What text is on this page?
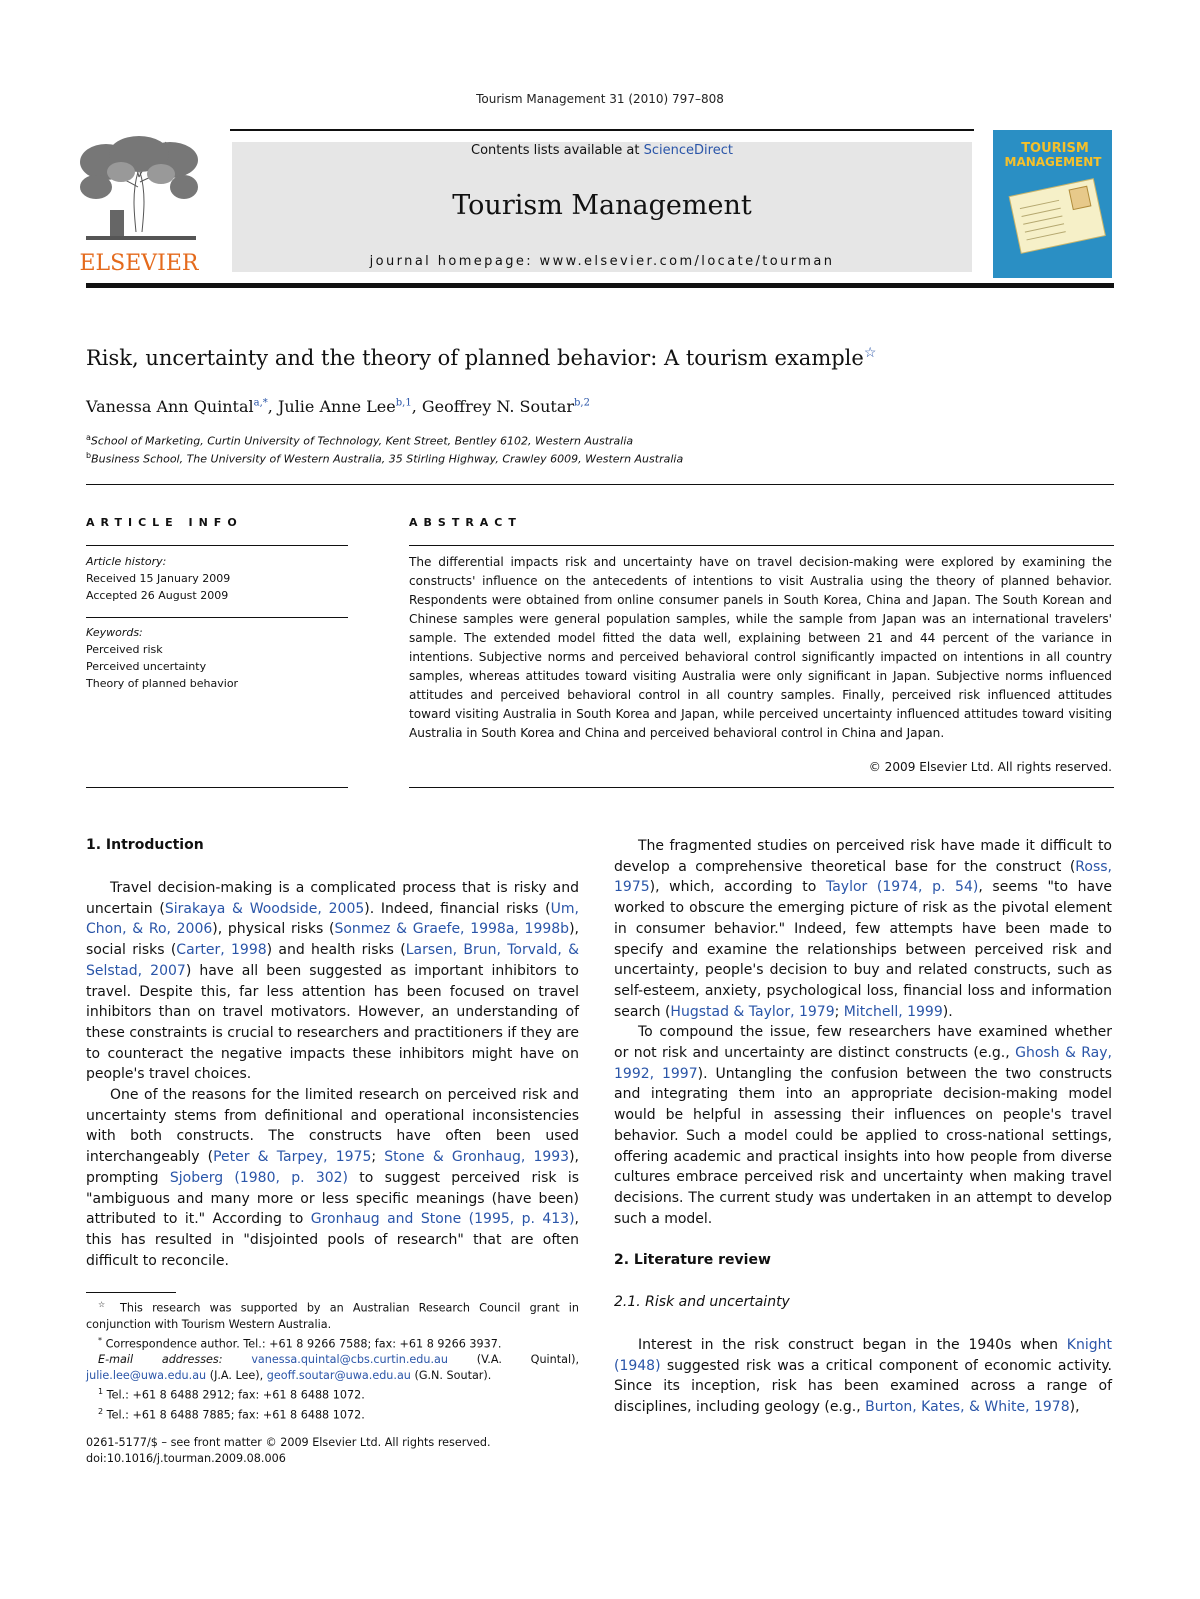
Tourism Management 31 (2010) 797–808
ELSEVIER
Contents lists available at ScienceDirect
Tourism Management
journal homepage: www.elsevier.com/locate/tourman
TOURISM
MANAGEMENT
Risk, uncertainty and the theory of planned behavior: A tourism example☆
Vanessa Ann Quintal$^{a,*}$, Julie Anne Lee$^{b,1}$, Geoffrey N. Soutar$^{b,2}$
$^a$School of Marketing, Curtin University of Technology, Kent Street, Bentley 6102, Western Australia
$^b$Business School, The University of Western Australia, 35 Stirling Highway, Crawley 6009, Western Australia
ARTICLE INFO	ABSTRACT
Article history:
Received 15 January 2009
Accepted 26 August 2009
Keywords:
Perceived risk
Perceived uncertainty
Theory of planned behavior
The differential impacts risk and uncertainty have on travel decision-making were explored by examining the constructs' influence on the antecedents of intentions to visit Australia using the theory of planned behavior. Respondents were obtained from online consumer panels in South Korea, China and Japan. The South Korean and Chinese samples were general population samples, while the sample from Japan was an international travelers' sample. The extended model fitted the data well, explaining between 21 and 44 percent of the variance in intentions. Subjective norms and perceived behavioral control significantly impacted on intentions in all country samples, whereas attitudes toward visiting Australia were only significant in Japan. Subjective norms influenced attitudes and perceived behavioral control in all country samples. Finally, perceived risk influenced attitudes toward visiting Australia in South Korea and Japan, while perceived uncertainty influenced attitudes toward visiting Australia in South Korea and China and perceived behavioral control in China and Japan.
© 2009 Elsevier Ltd. All rights reserved.
1. Introduction

Travel decision-making is a complicated process that is risky and uncertain (Sirakaya & Woodside, 2005). Indeed, financial risks (Um, Chon, & Ro, 2006), physical risks (Sonmez & Graefe, 1998a, 1998b), social risks (Carter, 1998) and health risks (Larsen, Brun, Torvald, & Selstad, 2007) have all been suggested as important inhibitors to travel. Despite this, far less attention has been focused on travel inhibitors than on travel motivators. However, an understanding of these constraints is crucial to researchers and practitioners if they are to counteract the negative impacts these inhibitors might have on people's travel choices.

One of the reasons for the limited research on perceived risk and uncertainty stems from definitional and operational inconsistencies with both constructs. The constructs have often been used interchangeably (Peter & Tarpey, 1975; Stone & Gronhaug, 1993), prompting Sjoberg (1980, p. 302) to suggest perceived risk is "ambiguous and many more or less specific meanings (have been) attributed to it." According to Gronhaug and Stone (1995, p. 413), this has resulted in "disjointed pools of research" that are often difficult to reconcile.

The fragmented studies on perceived risk have made it difficult to develop a comprehensive theoretical base for the construct (Ross, 1975), which, according to Taylor (1974, p. 54), seems "to have worked to obscure the emerging picture of risk as the pivotal element in consumer behavior." Indeed, few attempts have been made to specify and examine the relationships between perceived risk and uncertainty, people's decision to buy and related constructs, such as self-esteem, anxiety, psychological loss, financial loss and information search (Hugstad & Taylor, 1979; Mitchell, 1999).

To compound the issue, few researchers have examined whether or not risk and uncertainty are distinct constructs (e.g., Ghosh & Ray, 1992, 1997). Untangling the confusion between the two constructs and integrating them into an appropriate decision-making model would be helpful in assessing their influences on people's travel behavior. Such a model could be applied to cross-national settings, offering academic and practical insights into how people from diverse cultures embrace perceived risk and uncertainty when making travel decisions. The current study was undertaken in an attempt to develop such a model.

2. Literature review
2.1. Risk and uncertainty

Interest in the risk construct began in the 1940s when Knight (1948) suggested risk was a critical component of economic activity. Since its inception, risk has been examined across a range of disciplines, including geology (e.g., Burton, Kates, & White, 1978),

☆ This research was supported by an Australian Research Council grant in conjunction with Tourism Western Australia.

* Correspondence author. Tel.: +61 8 9266 7588; fax: +61 8 9266 3937.

E-mail addresses:	vanessa.quintal@cbs.curtin.edu.au (V.A. Quintal), julie.lee@uwa.edu.au (J.A. Lee), geoff.soutar@uwa.edu.au (G.N. Soutar).

$^1$ Tel.: +61 8 6488 2912; fax: +61 8 6488 1072.

$^2$ Tel.: +61 8 6488 7885; fax: +61 8 6488 1072.

0261-5177/$ – see front matter © 2009 Elsevier Ltd. All rights reserved.
doi:10.1016/j.tourman.2009.08.006
